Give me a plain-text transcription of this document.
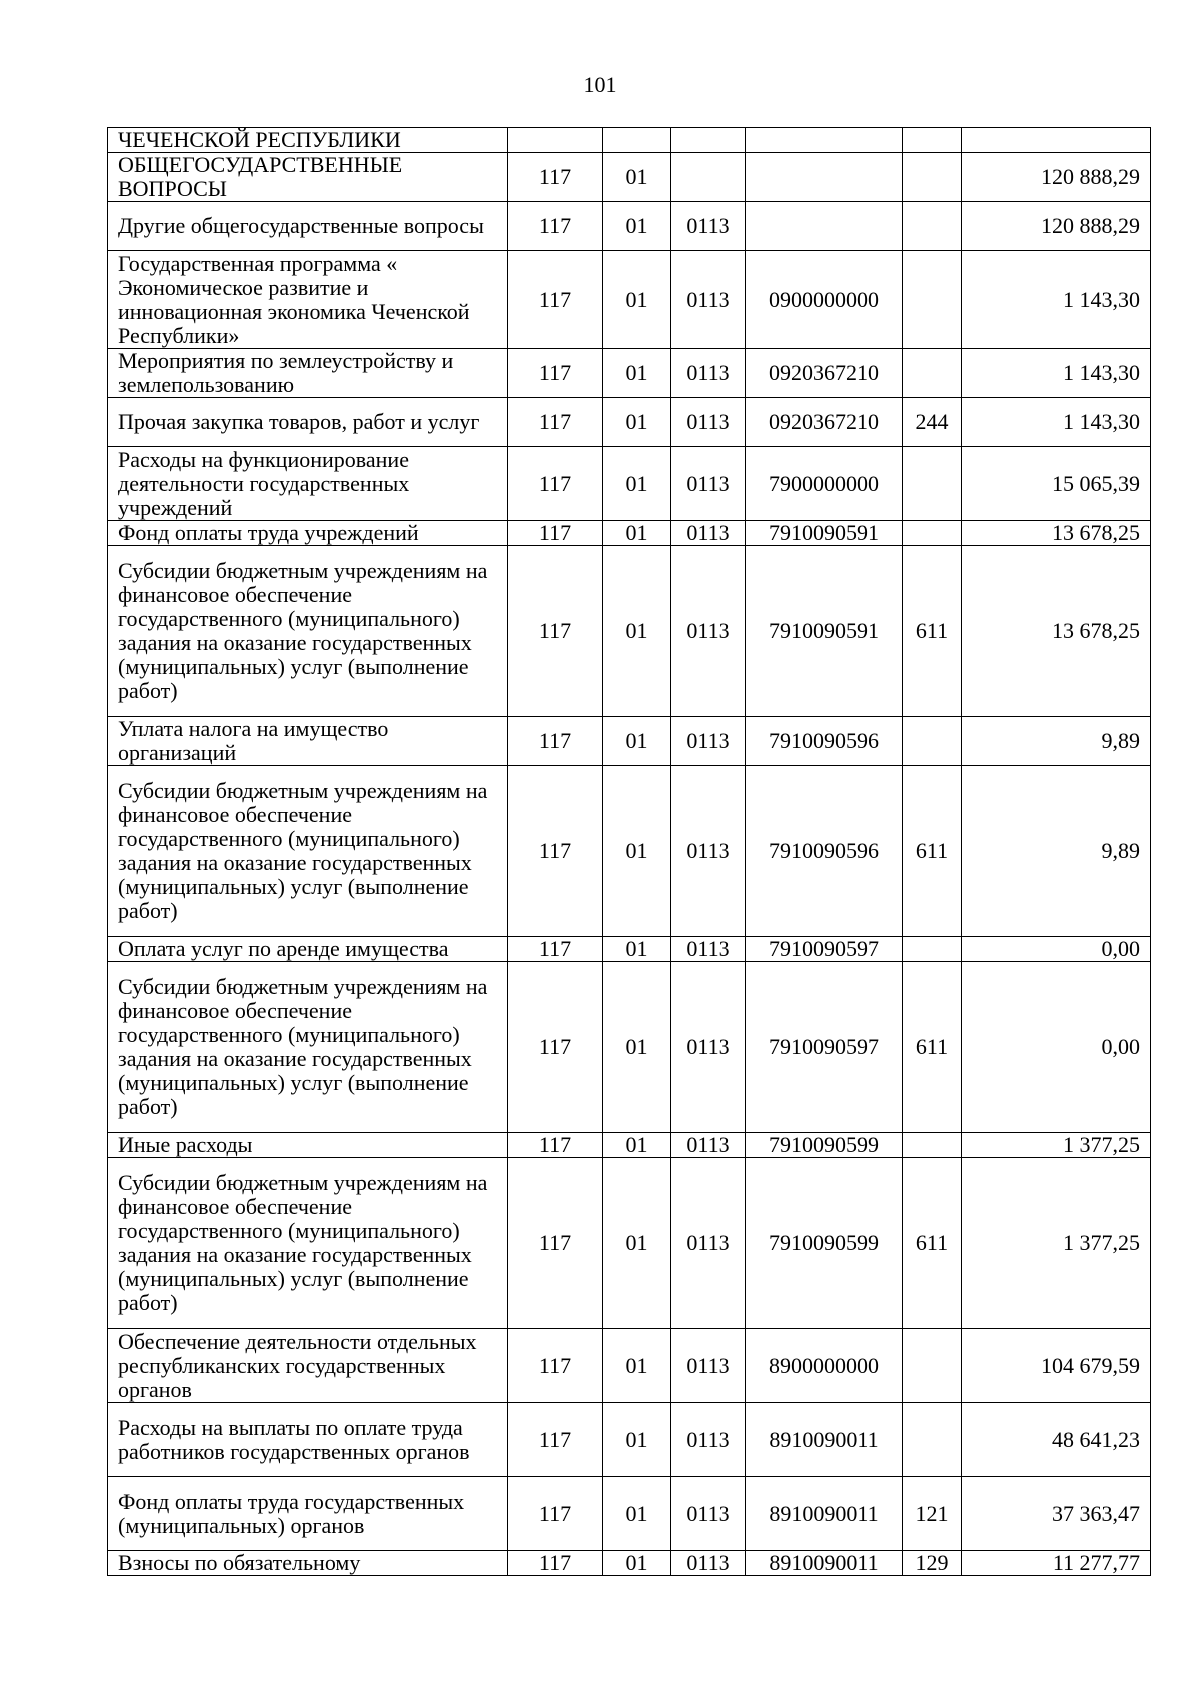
101
ЧЕЧЕНСКОЙ РЕСПУБЛИКИ						
ОБЩЕГОСУДАРСТВЕННЫЕ ВОПРОСЫ	117	01				120 888,29
Другие общегосударственные вопросы	117	01	0113			120 888,29
Государственная программа « Экономическое развитие и инновационная экономика Чеченской Республики»	117	01	0113	0900000000		1 143,30
Мероприятия по землеустройству и землепользованию	117	01	0113	0920367210		1 143,30
Прочая закупка товаров, работ и услуг	117	01	0113	0920367210	244	1 143,30
Расходы на функционирование деятельности государственных учреждений	117	01	0113	7900000000		15 065,39
Фонд оплаты труда учреждений	117	01	0113	7910090591		13 678,25
Субсидии бюджетным учреждениям на финансовое обеспечение государственного (муниципального) задания на оказание государственных (муниципальных) услуг (выполнение работ)	117	01	0113	7910090591	611	13 678,25
Уплата налога на имущество организаций	117	01	0113	7910090596		9,89
Субсидии бюджетным учреждениям на финансовое обеспечение государственного (муниципального) задания на оказание государственных (муниципальных) услуг (выполнение работ)	117	01	0113	7910090596	611	9,89
Оплата услуг по аренде имущества	117	01	0113	7910090597		0,00
Субсидии бюджетным учреждениям на финансовое обеспечение государственного (муниципального) задания на оказание государственных (муниципальных) услуг (выполнение работ)	117	01	0113	7910090597	611	0,00
Иные расходы	117	01	0113	7910090599		1 377,25
Субсидии бюджетным учреждениям на финансовое обеспечение государственного (муниципального) задания на оказание государственных (муниципальных) услуг (выполнение работ)	117	01	0113	7910090599	611	1 377,25
Обеспечение деятельности отдельных республиканских государственных органов	117	01	0113	8900000000		104 679,59
Расходы на выплаты по оплате труда работников государственных органов	117	01	0113	8910090011		48 641,23
Фонд оплаты труда государственных (муниципальных) органов	117	01	0113	8910090011	121	37 363,47
Взносы по обязательному	117	01	0113	8910090011	129	11 277,77
